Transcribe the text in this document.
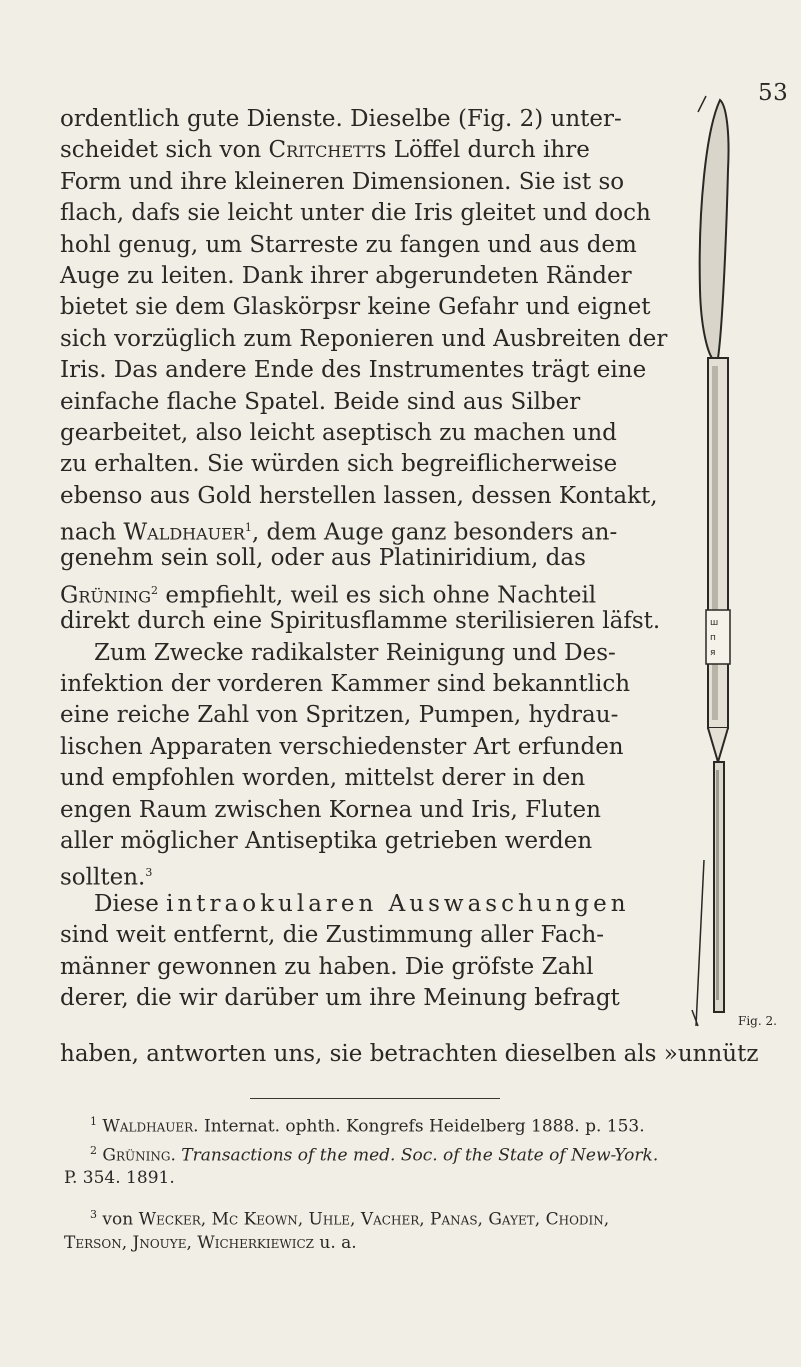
53
ordentlich gute Dienste. Dieselbe (Fig. 2) unter-
scheidet sich von Critchetts Löffel durch ihre
Form und ihre kleineren Dimensionen. Sie ist so
flach, dafs sie leicht unter die Iris gleitet und doch
hohl genug, um Starreste zu fangen und aus dem
Auge zu leiten. Dank ihrer abgerundeten Ränder
bietet sie dem Glaskörpsr keine Gefahr und eignet
sich vorzüglich zum Reponieren und Ausbreiten der
Iris. Das andere Ende des Instrumentes trägt eine
einfache flache Spatel. Beide sind aus Silber
gearbeitet, also leicht aseptisch zu machen und
zu erhalten. Sie würden sich begreiflicherweise
ebenso aus Gold herstellen lassen, dessen Kontakt,
nach Waldhauer$^1$, dem Auge ganz besonders an-
genehm sein soll, oder aus Platiniridium, das
Grüning$^2$ empfiehlt, weil es sich ohne Nachteil
direkt durch eine Spiritusflamme sterilisieren läfst.
Zum Zwecke radikalster Reinigung und Des-
infektion der vorderen Kammer sind bekanntlich
eine reiche Zahl von Spritzen, Pumpen, hydrau-
lischen Apparaten verschiedenster Art erfunden
und empfohlen worden, mittelst derer in den
engen Raum zwischen Kornea und Iris, Fluten
aller möglicher Antiseptika getrieben werden
sollten.$^3$
Diese intraokularen Auswaschungen
sind weit entfernt, die Zustimmung aller Fach-
männer gewonnen zu haben. Die gröfste Zahl
derer, die wir darüber um ihre Meinung befragt
haben, antworten uns, sie betrachten dieselben als »unnütz
Fig. 2.
ш
п
я
$^1$ Waldhauer. Internat. ophth. Kongrefs Heidelberg 1888. p. 153.
$^2$ Grüning. Transactions of the med. Soc. of the State of New-York.
P. 354. 1891.
$^3$ von Wecker, Mc Keown, Uhle, Vacher, Panas, Gayet, Chodin,
Terson, Jnouye, Wicherkiewicz u. a.
